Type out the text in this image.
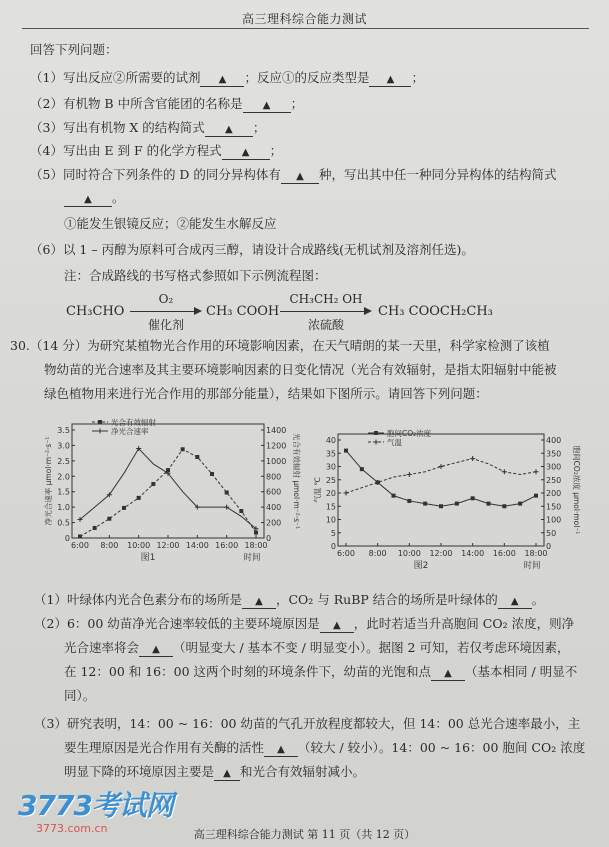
高三理科综合能力测试
回答下列问题：
（1）写出反应②所需要的试剂 ▲ ；反应①的反应类型是 ▲ ；
（2）有机物 B 中所含官能团的名称是 ▲ ；
（3）写出有机物 X 的结构简式 ▲ ；
（4）写出由 E 到 F 的化学方程式 ▲ ；
（5）同时符合下列条件的 D 的同分异构体有 ▲ 种，写出其中任一种同分异构体的结构简式
▲ 。
①能发生银镜反应；②能发生水解反应
（6）以 1 – 丙醇为原料可合成丙三醇，请设计合成路线(无机试剂及溶剂任选)。
注：合成路线的书写格式参照如下示例流程图：
CH₃CHO
O₂
催化剂
CH₃ COOH
CH₃CH₂ OH
浓硫酸
CH₃ COOCH₂CH₃
30.（14 分）为研究某植物光合作用的环境影响因素，在天气晴朗的某一天里，科学家检测了该植
物幼苗的光合速率及其主要环境影响因素的日变化情况（光合有效辐射，是指太阳辐射中能被
绿色植物用来进行光合作用的那部分能量），结果如下图所示。请回答下列问题：
6:00 8:00 10:00 12:00 14:00 16:00 18:00
0
0.5
1.0
1.5
2.0
2.5
3.0
3.5
0
200
400
600
800
1000
1200
1400
净光合速率 μmol·m⁻²·s⁻¹	光合有效辐射 μmol·m⁻²·s⁻¹
图1	时间
光合有效辐射
净光合速率
6:00 8:00 10:00 12:00 14:00 16:00 18:00
0
5
10
15
20
25
30
35
40
0
50
100
150
200
250
300
350
400
气温 ℃	胞间CO₂浓度 μmol·mol⁻¹
图2	时间
胞间CO₂浓度
气温
（1）叶绿体内光合色素分布的场所是 ▲ ，CO₂ 与 RuBP 结合的场所是叶绿体的 ▲ 。
（2）6：00 幼苗净光合速率较低的主要环境原因是 ▲ ，此时若适当升高胞间 CO₂ 浓度，则净
光合速率将会 ▲ （明显变大 / 基本不变 / 明显变小）。据图 2 可知，若仅考虑环境因素，
在 12：00 和 16：00 这两个时刻的环境条件下，幼苗的光饱和点 ▲ （基本相同 / 明显不
同）。
（3）研究表明，14：00 ~ 16：00 幼苗的气孔开放程度都较大，但 14：00 总光合速率最小，主
要生理原因是光合作用有关酶的活性 ▲ （较大 / 较小）。14：00 ~ 16：00 胞间 CO₂ 浓度
明显下降的环境原因主要是 ▲ 和光合有效辐射减小。
3773考试网
3773.com.cn	高三理科综合能力测试 第 11 页（共 12 页）
